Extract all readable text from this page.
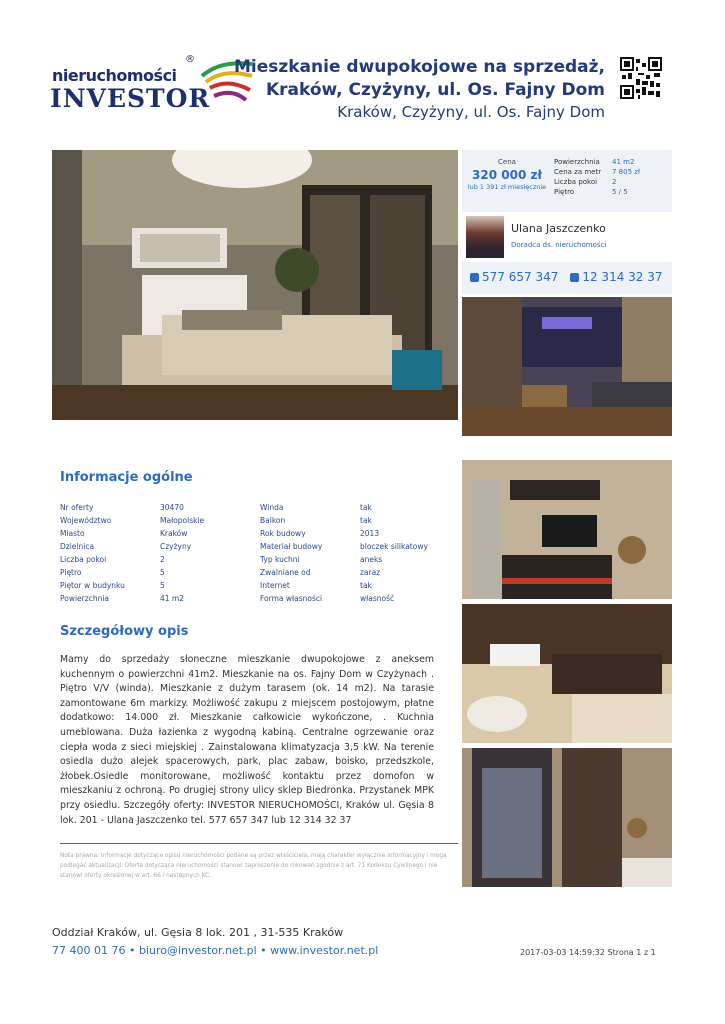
nieruchomości
®
INVESTOR
Mieszkanie dwupokojowe na sprzedaż, Kraków, Czyżyny, ul. Os. Fajny Dom
Kraków, Czyżyny, ul. Os. Fajny Dom
Cena
320 000 zł
lub 1 391 zł miesięcznie
Powierzchnia	41 m2
Cena za metr	7 805 zł
Liczba pokoi	2
Piętro	5 / 5
Ulana Jaszczenko
Doradca ds. nieruchomości
577 657 347	12 314 32 37
Informacje ogólne
Nr oferty	30470	Winda	tak
Województwo	Małopolskie	Balkon	tak
Miasto	Kraków	Rok budowy	2013
Dzielnica	Czyżyny	Materiał budowy	bloczek silikatowy
Liczba pokoi	2	Typ kuchni	aneks
Piętro	5	Zwalniane od	zaraz
Piętor w budynku	5	Internet	tak
Powierzchnia	41 m2	Forma własności	własność
Szczegółowy opis
Mamy do sprzedaży słoneczne mieszkanie dwupokojowe z aneksem kuchennym o powierzchni 41m2. Mieszkanie na os. Fajny Dom w Czyżynach . Piętro V/V (winda). Mieszkanie z dużym tarasem (ok. 14 m2). Na tarasie zamontowane 6m markizy. Możliwość zakupu z miejscem postojowym, płatne dodatkowo: 14.000 zł. Mieszkanie całkowicie wykończone, . Kuchnia umeblowana. Duża łazienka z wygodną kabiną. Centralne ogrzewanie oraz ciepła woda z sieci miejskiej . Zainstalowana klimatyzacja 3,5 kW. Na terenie osiedla dużo alejek spacerowych, park, plac zabaw, boisko, przedszkole, żłobek.Osiedle monitorowane, możliwość kontaktu przez domofon w mieszkaniu z ochroną. Po drugiej strony ulicy sklep Biedronka. Przystanek MPK przy osiedlu. Szczegóły oferty: INVESTOR NIERUCHOMOŚCI, Kraków ul. Gęsia 8 lok. 201 - Ulana Jaszczenko tel. 577 657 347 lub 12 314 32 37
Nota prawna: Informacje dotyczące opisu nieruchomości podane są przez właściciela, mają charakter wyłącznie informacyjny i mogą podlegać aktualizacji. Oferta dotycząca nieruchomości stanowi zaproszenie do rokowań zgodnie z art. 71 Kodeksu Cywilnego i nie stanowi oferty określonej w art. 66 i następnych KC.
Oddział Kraków, ul. Gęsia 8 lok. 201 , 31-535 Kraków
77 400 01 76 • biuro@investor.net.pl • www.investor.net.pl	2017-03-03 14:59:32 Strona 1 z 1
